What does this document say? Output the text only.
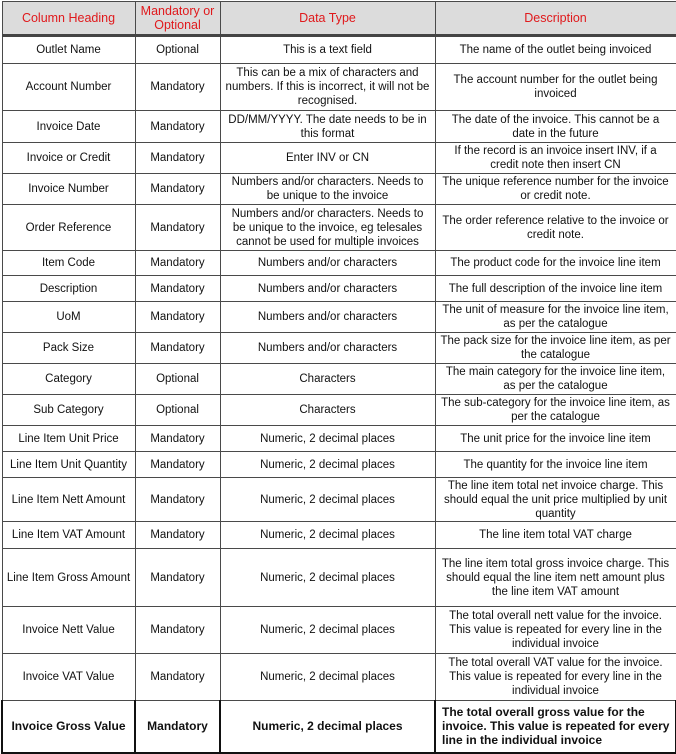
Column Heading	Mandatory or Optional	Data Type	Description
Outlet Name	Optional	This is a text field	The name of the outlet being invoiced
Account Number	Mandatory	This can be a mix of characters and numbers. If this is incorrect, it will not be recognised.	The account number for the outlet being invoiced
Invoice Date	Mandatory	DD/MM/YYYY. The date needs to be in this format	The date of the invoice. This cannot be a date in the future
Invoice or Credit	Mandatory	Enter INV or CN	If the record is an invoice insert INV, if a credit note then insert CN
Invoice Number	Mandatory	Numbers and/or characters. Needs to be unique to the invoice	The unique reference number for the invoice or credit note.
Order Reference	Mandatory	Numbers and/or characters. Needs to be unique to the invoice, eg telesales cannot be used for multiple invoices	The order reference relative to the invoice or credit note.
Item Code	Mandatory	Numbers and/or characters	The product code for the invoice line item
Description	Mandatory	Numbers and/or characters	The full description of the invoice line item
UoM	Mandatory	Numbers and/or characters	The unit of measure for the invoice line item, as per the catalogue
Pack Size	Mandatory	Numbers and/or characters	The pack size for the invoice line item, as per the catalogue
Category	Optional	Characters	The main category for the invoice line item, as per the catalogue
Sub Category	Optional	Characters	The sub-category for the invoice line item, as per the catalogue
Line Item Unit Price	Mandatory	Numeric, 2 decimal places	The unit price for the invoice line item
Line Item Unit Quantity	Mandatory	Numeric, 2 decimal places	The quantity for the invoice line item
Line Item Nett Amount	Mandatory	Numeric, 2 decimal places	The line item total net invoice charge. This should equal the unit price multiplied by unit quantity
Line Item VAT Amount	Mandatory	Numeric, 2 decimal places	The line item total VAT charge
Line Item Gross Amount	Mandatory	Numeric, 2 decimal places	The line item total gross invoice charge. This should equal the line item nett amount plus the line item VAT amount
Invoice Nett Value	Mandatory	Numeric, 2 decimal places	The total overall nett value for the invoice. This value is repeated for every line in the individual invoice
Invoice VAT Value	Mandatory	Numeric, 2 decimal places	The total overall VAT value for the invoice. This value is repeated for every line in the individual invoice
Invoice Gross Value	Mandatory	Numeric, 2 decimal places	The total overall gross value for the invoice. This value is repeated for every line in the individual invoice
